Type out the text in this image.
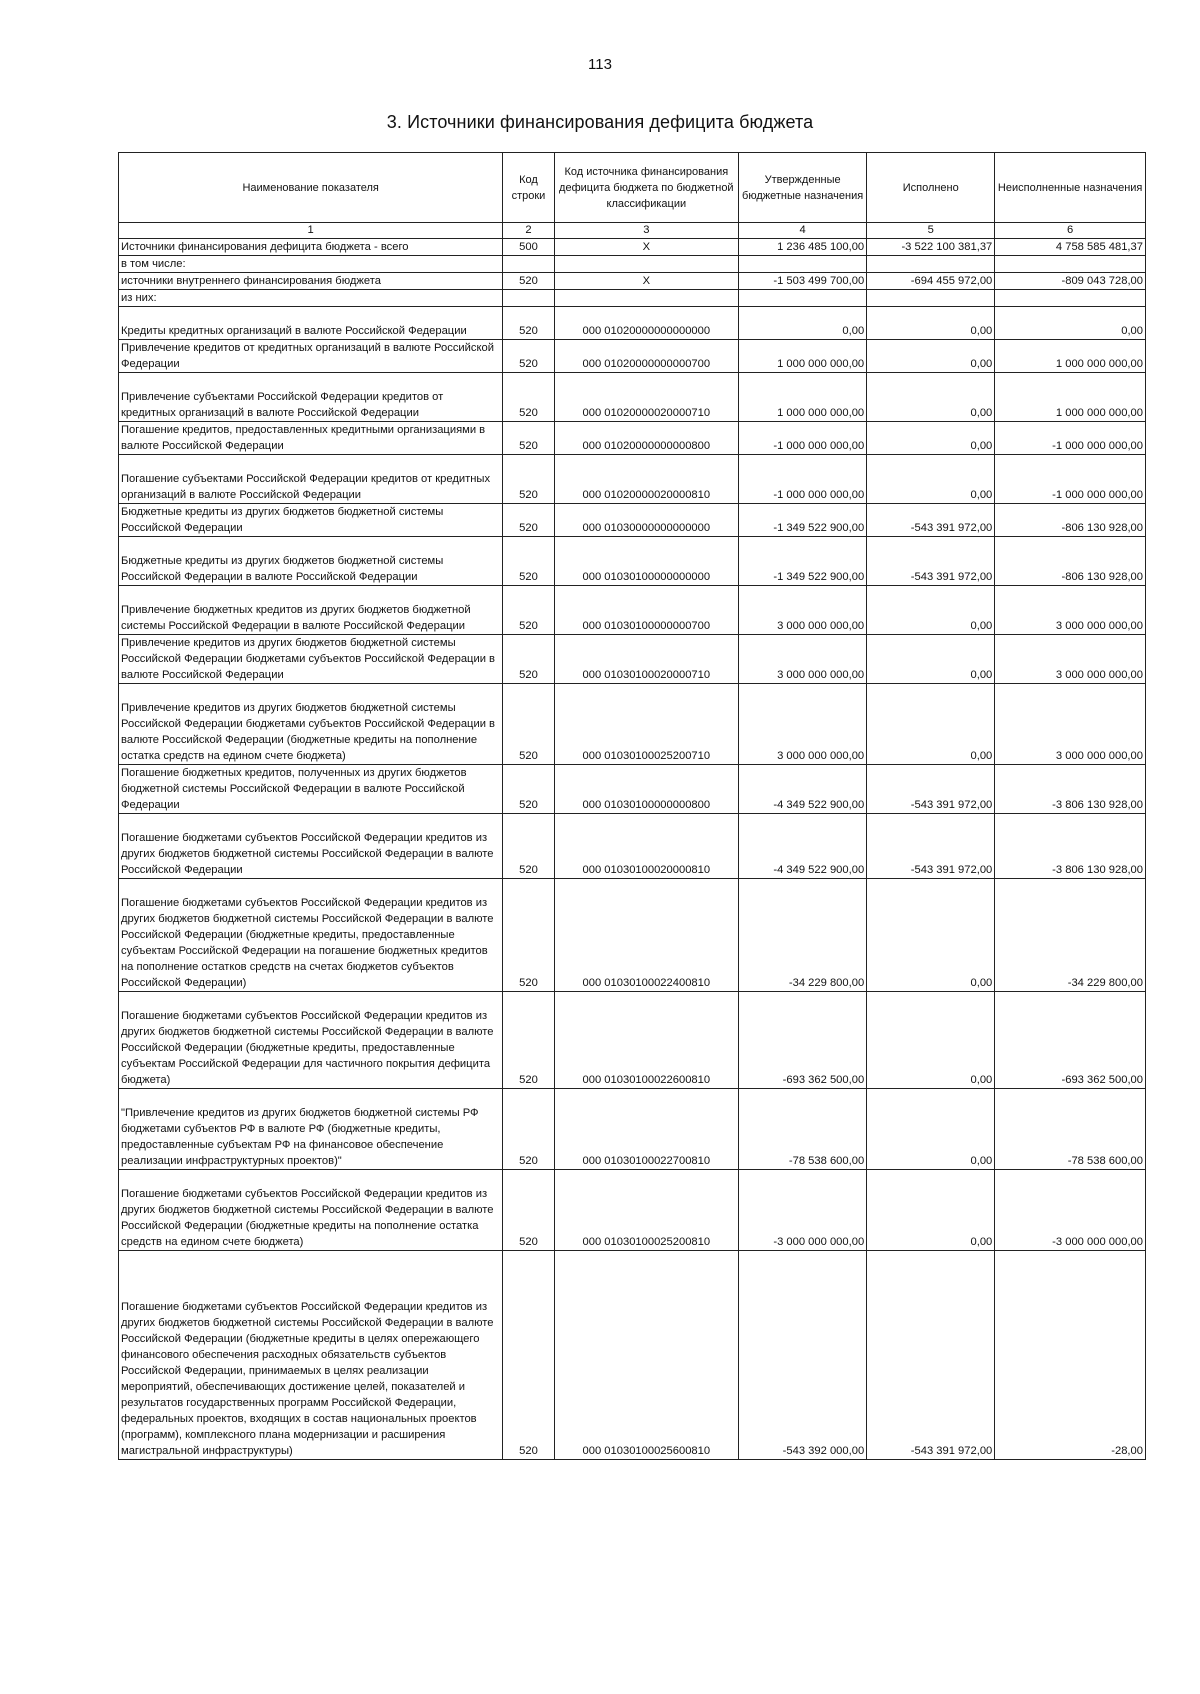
113
3. Источники финансирования дефицита бюджета
Наименование показателя	Код строки	Код источника финансирования дефицита бюджета по бюджетной классификации	Утвержденные бюджетные назначения	Исполнено	Неисполненные назначения
1	2	3	4	5	6
Источники финансирования дефицита бюджета - всего	500	X	1 236 485 100,00	-3 522 100 381,37	4 758 585 481,37
в том числе:					
источники внутреннего финансирования бюджета	520	X	-1 503 499 700,00	-694 455 972,00	-809 043 728,00
из них:					
Кредиты кредитных организаций в валюте Российской Федерации	520	000 01020000000000000	0,00	0,00	0,00
Привлечение кредитов от кредитных организаций в валюте Российской Федерации	520	000 01020000000000700	1 000 000 000,00	0,00	1 000 000 000,00
Привлечение субъектами Российской Федерации кредитов от кредитных организаций в валюте Российской Федерации	520	000 01020000020000710	1 000 000 000,00	0,00	1 000 000 000,00
Погашение кредитов, предоставленных кредитными организациями в валюте Российской Федерации	520	000 01020000000000800	-1 000 000 000,00	0,00	-1 000 000 000,00
Погашение субъектами Российской Федерации кредитов от кредитных организаций в валюте Российской Федерации	520	000 01020000020000810	-1 000 000 000,00	0,00	-1 000 000 000,00
Бюджетные кредиты из других бюджетов бюджетной системы Российской Федерации	520	000 01030000000000000	-1 349 522 900,00	-543 391 972,00	-806 130 928,00
Бюджетные кредиты из других бюджетов бюджетной системы Российской Федерации в валюте Российской Федерации	520	000 01030100000000000	-1 349 522 900,00	-543 391 972,00	-806 130 928,00
Привлечение бюджетных кредитов из других бюджетов бюджетной системы Российской Федерации в валюте Российской Федерации	520	000 01030100000000700	3 000 000 000,00	0,00	3 000 000 000,00
Привлечение кредитов из других бюджетов бюджетной системы Российской Федерации бюджетами субъектов Российской Федерации в валюте Российской Федерации	520	000 01030100020000710	3 000 000 000,00	0,00	3 000 000 000,00
Привлечение кредитов из других бюджетов бюджетной системы Российской Федерации бюджетами субъектов Российской Федерации в валюте Российской Федерации (бюджетные кредиты на пополнение остатка средств на едином счете бюджета)	520	000 01030100025200710	3 000 000 000,00	0,00	3 000 000 000,00
Погашение бюджетных кредитов, полученных из других бюджетов бюджетной системы Российской Федерации в валюте Российской Федерации	520	000 01030100000000800	-4 349 522 900,00	-543 391 972,00	-3 806 130 928,00
Погашение бюджетами субъектов Российской Федерации кредитов из других бюджетов бюджетной системы Российской Федерации в валюте Российской Федерации	520	000 01030100020000810	-4 349 522 900,00	-543 391 972,00	-3 806 130 928,00
Погашение бюджетами субъектов Российской Федерации кредитов из других бюджетов бюджетной системы Российской Федерации в валюте Российской Федерации (бюджетные кредиты, предоставленные субъектам Российской Федерации на погашение бюджетных кредитов на пополнение остатков средств на счетах бюджетов субъектов Российской Федерации)	520	000 01030100022400810	-34 229 800,00	0,00	-34 229 800,00
Погашение бюджетами субъектов Российской Федерации кредитов из других бюджетов бюджетной системы Российской Федерации в валюте Российской Федерации (бюджетные кредиты, предоставленные субъектам Российской Федерации для частичного покрытия дефицита бюджета)	520	000 01030100022600810	-693 362 500,00	0,00	-693 362 500,00
"Привлечение кредитов из других бюджетов бюджетной системы РФ бюджетами субъектов РФ в валюте РФ (бюджетные кредиты, предоставленные субъектам РФ на финансовое обеспечение реализации инфраструктурных проектов)"	520	000 01030100022700810	-78 538 600,00	0,00	-78 538 600,00
Погашение бюджетами субъектов Российской Федерации кредитов из других бюджетов бюджетной системы Российской Федерации в валюте Российской Федерации (бюджетные кредиты на пополнение остатка средств на едином счете бюджета)	520	000 01030100025200810	-3 000 000 000,00	0,00	-3 000 000 000,00
Погашение бюджетами субъектов Российской Федерации кредитов из других бюджетов бюджетной системы Российской Федерации в валюте Российской Федерации (бюджетные кредиты в целях опережающего финансового обеспечения расходных обязательств субъектов Российской Федерации, принимаемых в целях реализации мероприятий, обеспечивающих достижение целей, показателей и результатов государственных программ Российской Федерации, федеральных проектов, входящих в состав национальных проектов (программ), комплексного плана модернизации и расширения магистральной инфраструктуры)	520	000 01030100025600810	-543 392 000,00	-543 391 972,00	-28,00
